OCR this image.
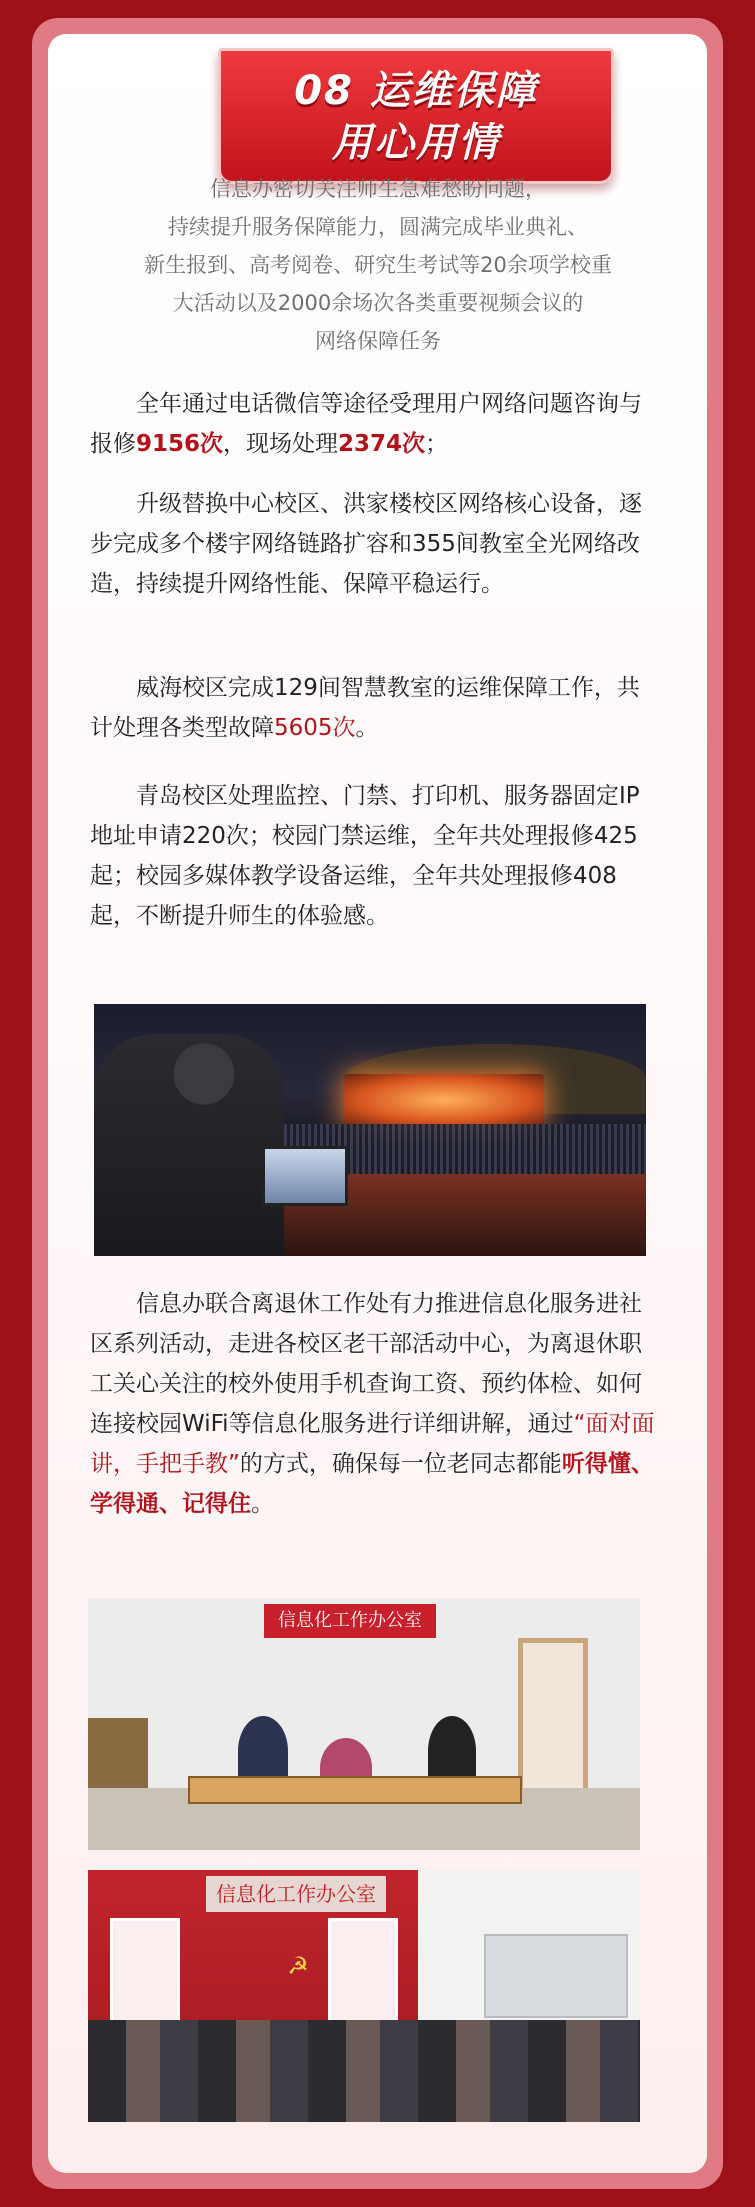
08 运维保障
用心用情
信息办密切关注师生急难愁盼问题，
持续提升服务保障能力，圆满完成毕业典礼、
新生报到、高考阅卷、研究生考试等20余项学校重
大活动以及2000余场次各类重要视频会议的
网络保障任务
全年通过电话微信等途径受理用户网络问题咨询与报修9156次，现场处理2374次；
升级替换中心校区、洪家楼校区网络核心设备，逐步完成多个楼宇网络链路扩容和355间教室全光网络改造，持续提升网络性能、保障平稳运行。
威海校区完成129间智慧教室的运维保障工作，共计处理各类型故障5605次。
青岛校区处理监控、门禁、打印机、服务器固定IP地址申请220次；校园门禁运维，全年共处理报修425起；校园多媒体教学设备运维，全年共处理报修408起，不断提升师生的体验感。
信息办联合离退休工作处有力推进信息化服务进社区系列活动，走进各校区老干部活动中心，为离退休职工关心关注的校外使用手机查询工资、预约体检、如何连接校园WiFi等信息化服务进行详细讲解，通过“面对面讲，手把手教”的方式，确保每一位老同志都能听得懂、学得通、记得住。
信息化工作办公室
信息化工作办公室
☭
